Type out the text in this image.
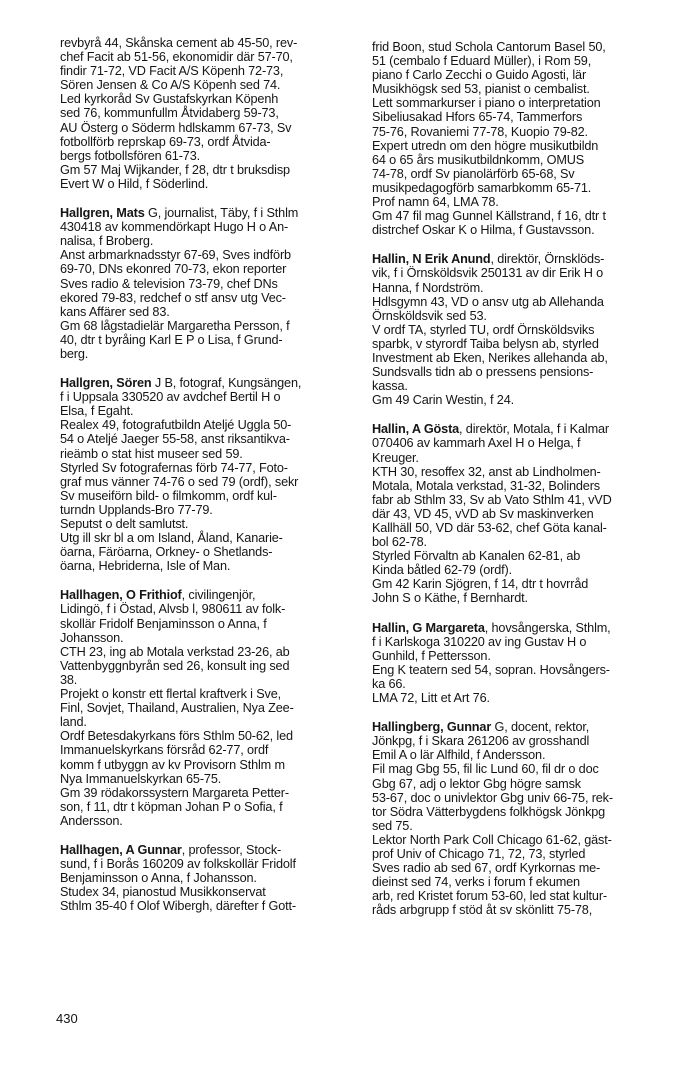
revbyrå 44, Skånska cement ab 45-50, rev-
chef Facit ab 51-56, ekonomidir där 57-70,
findir 71-72, VD Facit A/S Köpenh 72-73,
Sören Jensen & Co A/S Köpenh sed 74.
Led kyrkoråd Sv Gustafskyrkan Köpenh
sed 76, kommunfullm Åtvidaberg 59-73,
AU Österg o Söderm hdlskamm 67-73, Sv
fotbollförb reprskap 69-73, ordf Åtvida-
bergs fotbollsfören 61-73.
Gm 57 Maj Wijkander, f 28, dtr t bruksdisp
Evert W o Hild, f Söderlind.
Hallgren, Mats G, journalist, Täby, f i Sthlm
430418 av kommendörkapt Hugo H o An-
nalisa, f Broberg.
Anst arbmarknadsstyr 67-69, Sves indförb
69-70, DNs ekonred 70-73, ekon reporter
Sves radio & television 73-79, chef DNs
ekored 79-83, redchef o stf ansv utg Vec-
kans Affärer sed 83.
Gm 68 lågstadielär Margaretha Persson, f
40, dtr t byråing Karl E P o Lisa, f Grund-
berg.
Hallgren, Sören J B, fotograf, Kungsängen,
f i Uppsala 330520 av avdchef Bertil H o
Elsa, f Egaht.
Realex 49, fotografutbildn Ateljé Uggla 50-
54 o Ateljé Jaeger 55-58, anst riksantikva-
rieämb o stat hist museer sed 59.
Styrled Sv fotografernas förb 74-77, Foto-
graf mus vänner 74-76 o sed 79 (ordf), sekr
Sv museiförn bild- o filmkomm, ordf kul-
turndn Upplands-Bro 77-79.
Seputst o delt samlutst.
Utg ill skr bl a om Island, Åland, Kanarie-
öarna, Färöarna, Orkney- o Shetlands-
öarna, Hebriderna, Isle of Man.
Hallhagen, O Frithiof, civilingenjör,
Lidingö, f i Östad, Alvsb l, 980611 av folk-
skollär Fridolf Benjaminsson o Anna, f
Johansson.
CTH 23, ing ab Motala verkstad 23-26, ab
Vattenbyggnbyrån sed 26, konsult ing sed
38.
Projekt o konstr ett flertal kraftverk i Sve,
Finl, Sovjet, Thailand, Australien, Nya Zee-
land.
Ordf Betesdakyrkans förs Sthlm 50-62, led
Immanuelskyrkans försråd 62-77, ordf
komm f utbyggn av kv Provisorn Sthlm m
Nya Immanuelskyrkan 65-75.
Gm 39 rödakorssystern Margareta Petter-
son, f 11, dtr t köpman Johan P o Sofia, f
Andersson.
Hallhagen, A Gunnar, professor, Stock-
sund, f i Borås 160209 av folkskollär Fridolf
Benjaminsson o Anna, f Johansson.
Studex 34, pianostud Musikkonservat
Sthlm 35-40 f Olof Wibergh, därefter f Gott-
frid Boon, stud Schola Cantorum Basel 50,
51 (cembalo f Eduard Müller), i Rom 59,
piano f Carlo Zecchi o Guido Agosti, lär
Musikhögsk sed 53, pianist o cembalist.
Lett sommarkurser i piano o interpretation
Sibeliusakad Hfors 65-74, Tammerfors
75-76, Rovaniemi 77-78, Kuopio 79-82.
Expert utredn om den högre musikutbildn
64 o 65 års musikutbildnkomm, OMUS
74-78, ordf Sv pianolärförb 65-68, Sv
musikpedagogförb samarbkomm 65-71.
Prof namn 64, LMA 78.
Gm 47 fil mag Gunnel Källstrand, f 16, dtr t
distrchef Oskar K o Hilma, f Gustavsson.
Hallin, N Erik Anund, direktör, Örnsklöds-
vik, f i Örnsköldsvik 250131 av dir Erik H o
Hanna, f Nordström.
Hdlsgymn 43, VD o ansv utg ab Allehanda
Örnsköldsvik sed 53.
V ordf TA, styrled TU, ordf Örnsköldsviks
sparbk, v styrordf Taiba belysn ab, styrled
Investment ab Eken, Nerikes allehanda ab,
Sundsvalls tidn ab o pressens pensions-
kassa.
Gm 49 Carin Westin, f 24.
Hallin, A Gösta, direktör, Motala, f i Kalmar
070406 av kammarh Axel H o Helga, f
Kreuger.
KTH 30, resoffex 32, anst ab Lindholmen-
Motala, Motala verkstad, 31-32, Bolinders
fabr ab Sthlm 33, Sv ab Vato Sthlm 41, vVD
där 43, VD 45, vVD ab Sv maskinverken
Kallhäll 50, VD där 53-62, chef Göta kanal-
bol 62-78.
Styrled Förvaltn ab Kanalen 62-81, ab
Kinda båtled 62-79 (ordf).
Gm 42 Karin Sjögren, f 14, dtr t hovrråd
John S o Käthe, f Bernhardt.
Hallin, G Margareta, hovsångerska, Sthlm,
f i Karlskoga 310220 av ing Gustav H o
Gunhild, f Pettersson.
Eng K teatern sed 54, sopran. Hovsångers-
ka 66.
LMA 72, Litt et Art 76.
Hallingberg, Gunnar G, docent, rektor,
Jönkpg, f i Skara 261206 av grosshandl
Emil A o lär Alfhild, f Andersson.
Fil mag Gbg 55, fil lic Lund 60, fil dr o doc
Gbg 67, adj o lektor Gbg högre samsk
53-67, doc o univlektor Gbg univ 66-75, rek-
tor Södra Vätterbygdens folkhögsk Jönkpg
sed 75.
Lektor North Park Coll Chicago 61-62, gäst-
prof Univ of Chicago 71, 72, 73, styrled
Sves radio ab sed 67, ordf Kyrkornas me-
dieinst sed 74, verks i forum f ekumen
arb, red Kristet forum 53-60, led stat kultur-
råds arbgrupp f stöd åt sv skönlitt 75-78,
430
